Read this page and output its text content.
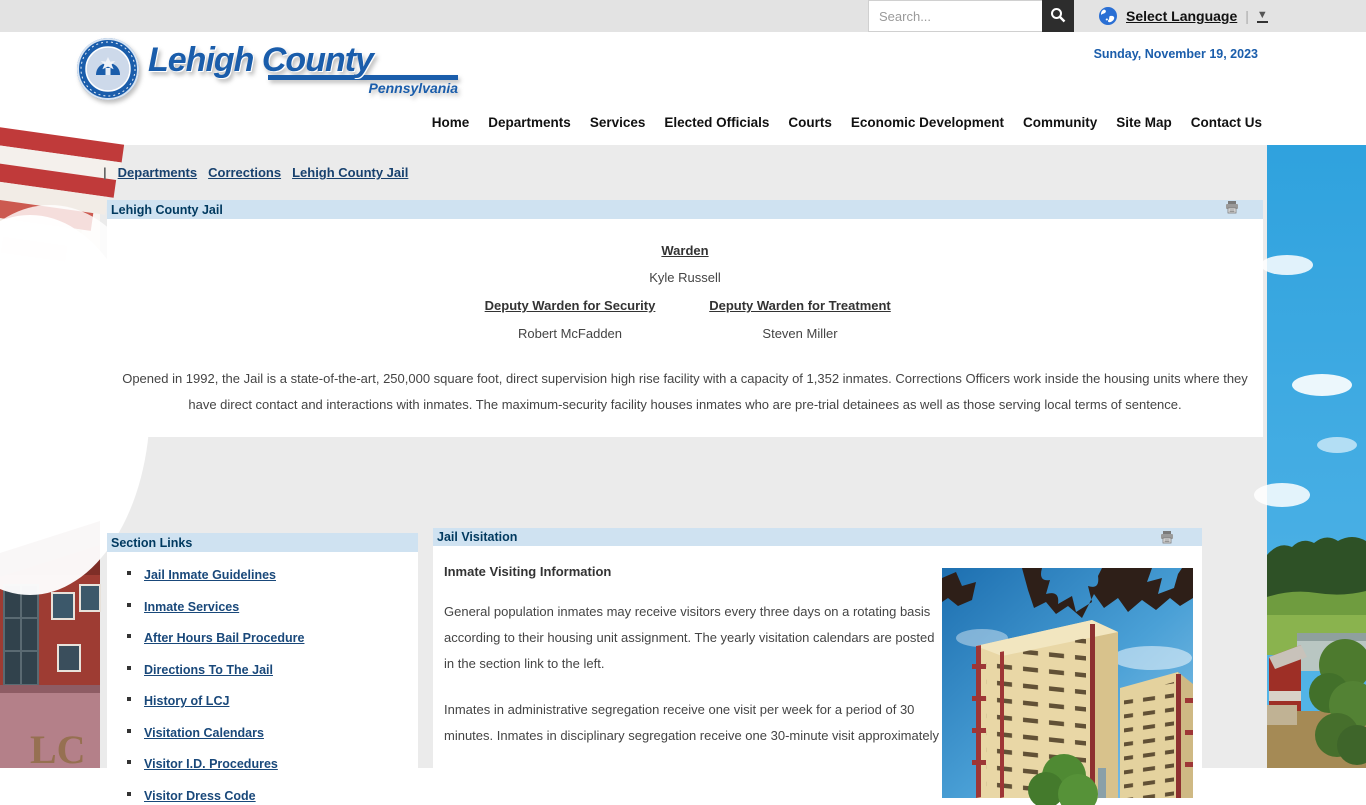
Search...
Select Language | ▼
Lehigh County
Pennsylvania
Sunday, November 19, 2023
Home Departments Services Elected Officials Courts Economic Development Community Site Map Contact Us
LC
| Departments Corrections Lehigh County Jail
Lehigh County Jail
Warden
Kyle Russell
Deputy Warden for Security
Robert McFadden
Deputy Warden for Treatment
Steven Miller

Opened in 1992, the Jail is a state-of-the-art, 250,000 square foot, direct supervision high rise facility with a capacity of 1,352 inmates. Corrections Officers work inside the housing units where they have direct contact and interactions with inmates. The maximum-security facility houses inmates who are pre-trial detainees as well as those serving local terms of sentence.

Section Links
Jail Inmate Guidelines
Inmate Services
After Hours Bail Procedure
Directions To The Jail
History of LCJ
Visitation Calendars
Visitor I.D. Procedures
Visitor Dress Code
Jail Visitation
Inmate Visiting Information

General population inmates may receive visitors every three days on a rotating basis according to their housing unit assignment. The yearly visitation calendars are posted in the section link to the left.

Inmates in administrative segregation receive one visit per week for a period of 30 minutes. Inmates in disciplinary segregation receive one 30-minute visit approximately
